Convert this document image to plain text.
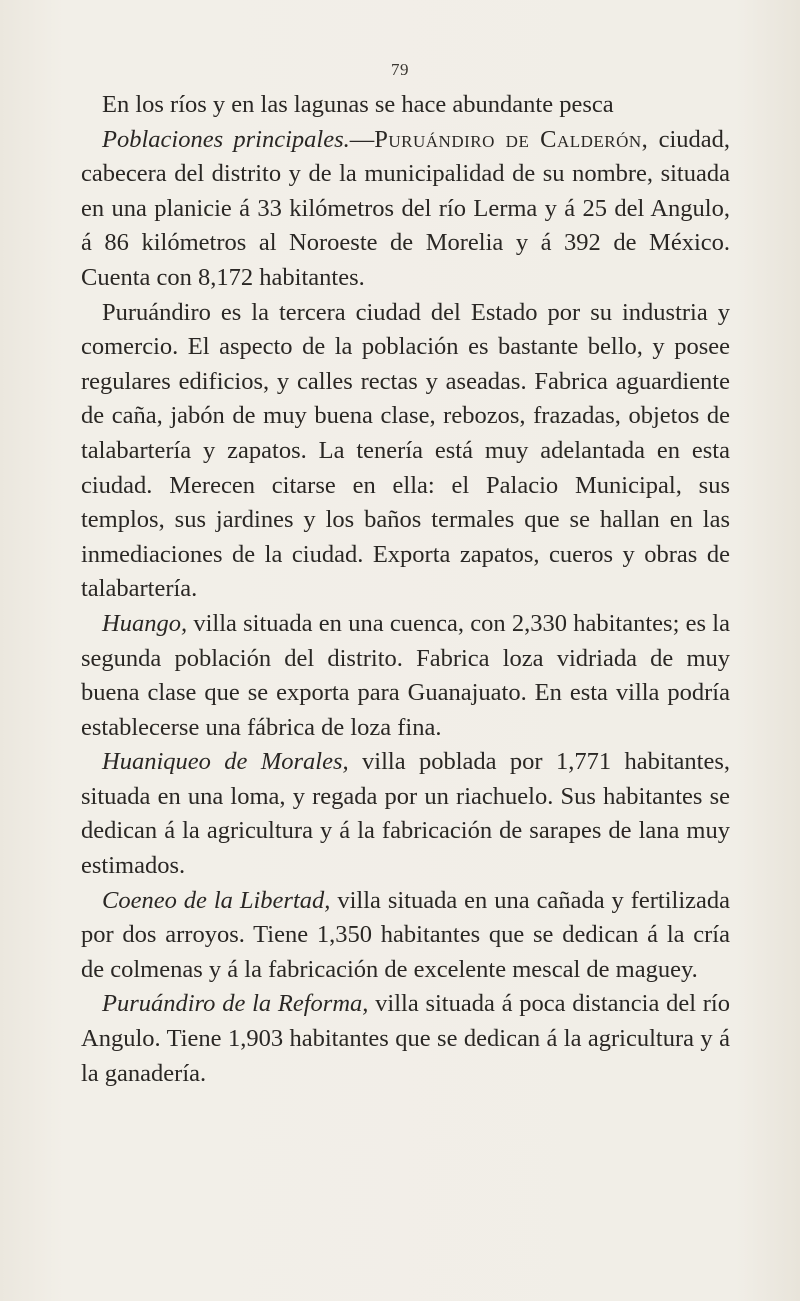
79

En los ríos y en las lagunas se hace abundante pesca

Poblaciones principales.—Puruándiro de Calderón, ciudad, cabecera del distrito y de la municipalidad de su nombre, situada en una planicie á 33 kilómetros del río Lerma y á 25 del Angulo, á 86 kilómetros al Noroeste de Morelia y á 392 de México. Cuenta con 8,172 habitantes.

Puruándiro es la tercera ciudad del Estado por su industria y comercio. El aspecto de la población es bastante bello, y posee regulares edificios, y calles rectas y aseadas. Fabrica aguardiente de caña, jabón de muy buena clase, rebozos, frazadas, objetos de talabartería y zapatos. La tenería está muy adelantada en esta ciudad. Merecen citarse en ella: el Palacio Municipal, sus templos, sus jardines y los baños termales que se hallan en las inmediaciones de la ciudad. Exporta zapatos, cueros y obras de talabartería.

Huango, villa situada en una cuenca, con 2,330 habitantes; es la segunda población del distrito. Fabrica loza vidriada de muy buena clase que se exporta para Guanajuato. En esta villa podría establecerse una fábrica de loza fina.

Huaniqueo de Morales, villa poblada por 1,771 habitantes, situada en una loma, y regada por un riachuelo. Sus habitantes se dedican á la agricultura y á la fabricación de sarapes de lana muy estimados.

Coeneo de la Libertad, villa situada en una cañada y fertilizada por dos arroyos. Tiene 1,350 habitantes que se dedican á la cría de colmenas y á la fabricación de excelente mescal de maguey.

Puruándiro de la Reforma, villa situada á poca distancia del río Angulo. Tiene 1,903 habitantes que se dedican á la agricultura y á la ganadería.
